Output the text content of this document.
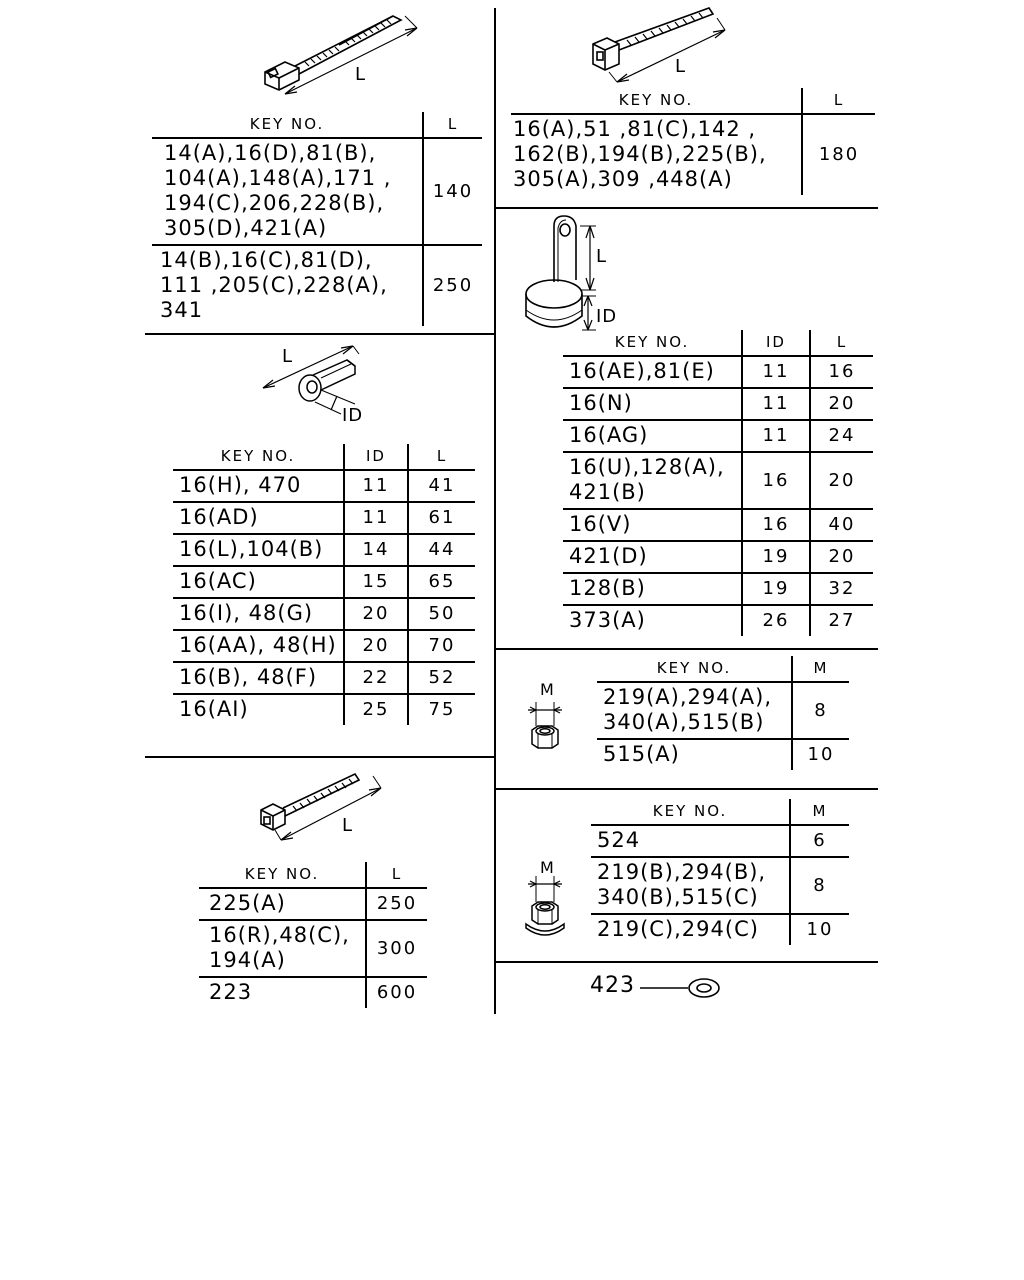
L
KEY NO.	L
14(A),16(D),81(B),
104(A),148(A),171 ,
194(C),206,228(B),
305(D),421(A)	140
14(B),16(C),81(D),
111 ,205(C),228(A),
341	250
L
KEY NO.	L
16(A),51 ,81(C),142 ,
162(B),194(B),225(B),
305(A),309 ,448(A)	180
L
ID
KEY NO.	ID	L
16(H), 470	11	41
16(AD)	11	61
16(L),104(B)	14	44
16(AC)	15	65
16(I), 48(G)	20	50
16(AA), 48(H)	20	70
16(B), 48(F)	22	52
16(AI)	25	75
L
ID
KEY NO.	ID	L
16(AE),81(E)	11	16
16(N)	11	20
16(AG)	11	24
16(U),128(A),
421(B)	16	20
16(V)	16	40
421(D)	19	20
128(B)	19	32
373(A)	26	27
M
KEY NO.	M
219(A),294(A),
340(A),515(B)	8
515(A)	10
L
KEY NO.	L
225(A)	250
16(R),48(C),
194(A)	300
223	600
M
KEY NO.	M
524	6
219(B),294(B),
340(B),515(C)	8
219(C),294(C)	10
423
